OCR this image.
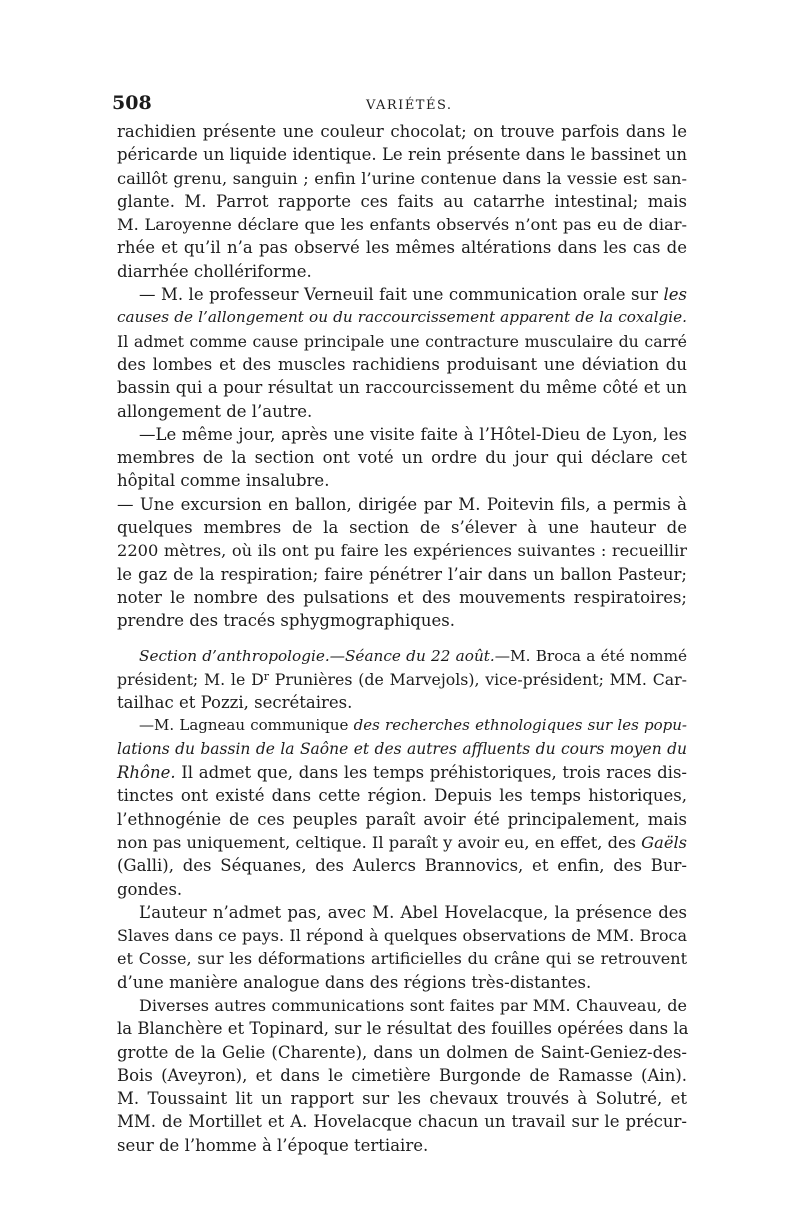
508	VARIÉTÉS.
rachidien présente une couleur chocolat; on trouve parfois dans le
péricarde un liquide identique. Le rein présente dans le bassinet un
caillôt grenu, sanguin ; enfin l’urine contenue dans la vessie est san-
glante. M. Parrot rapporte ces faits au catarrhe intestinal; mais
M. Laroyenne déclare que les enfants observés n’ont pas eu de diar-
rhée et qu’il n’a pas observé les mêmes altérations dans les cas de
diarrhée chollériforme.
— M. le professeur Verneuil fait une communication orale sur les
causes de l’allongement ou du raccourcissement apparent de la coxalgie.
Il admet comme cause principale une contracture musculaire du carré
des lombes et des muscles rachidiens produisant une déviation du
bassin qui a pour résultat un raccourcissement du même côté et un
allongement de l’autre.
—Le même jour, après une visite faite à l’Hôtel-Dieu de Lyon, les
membres de la section ont voté un ordre du jour qui déclare cet
hôpital comme insalubre.
— Une excursion en ballon, dirigée par M. Poitevin fils, a permis à
quelques membres de la section de s’élever à une hauteur de
2200 mètres, où ils ont pu faire les expériences suivantes : recueillir
le gaz de la respiration; faire pénétrer l’air dans un ballon Pasteur;
noter le nombre des pulsations et des mouvements respiratoires;
prendre des tracés sphygmographiques.
Section d’anthropologie.—Séance du 22 août.—M. Broca a été nommé
président; M. le $D^r$ Prunières (de Marvejols), vice-président; MM. Car-
tailhac et Pozzi, secrétaires.
—M. Lagneau communique des recherches ethnologiques sur les popu-
lations du bassin de la Saône et des autres affluents du cours moyen du
Rhône. Il admet que, dans les temps préhistoriques, trois races dis-
tinctes ont existé dans cette région. Depuis les temps historiques,
l’ethnogénie de ces peuples paraît avoir été principalement, mais
non pas uniquement, celtique. Il paraît y avoir eu, en effet, des Gaëls
(Galli), des Séquanes, des Aulercs Brannovics, et enfin, des Bur-
gondes.
L’auteur n’admet pas, avec M. Abel Hovelacque, la présence des
Slaves dans ce pays. Il répond à quelques observations de MM. Broca
et Cosse, sur les déformations artificielles du crâne qui se retrouvent
d’une manière analogue dans des régions très-distantes.
Diverses autres communications sont faites par MM. Chauveau, de
la Blanchère et Topinard, sur le résultat des fouilles opérées dans la
grotte de la Gelie (Charente), dans un dolmen de Saint-Geniez-des-
Bois (Aveyron), et dans le cimetière Burgonde de Ramasse (Ain).
M. Toussaint lit un rapport sur les chevaux trouvés à Solutré, et
MM. de Mortillet et A. Hovelacque chacun un travail sur le précur-
seur de l’homme à l’époque tertiaire.
